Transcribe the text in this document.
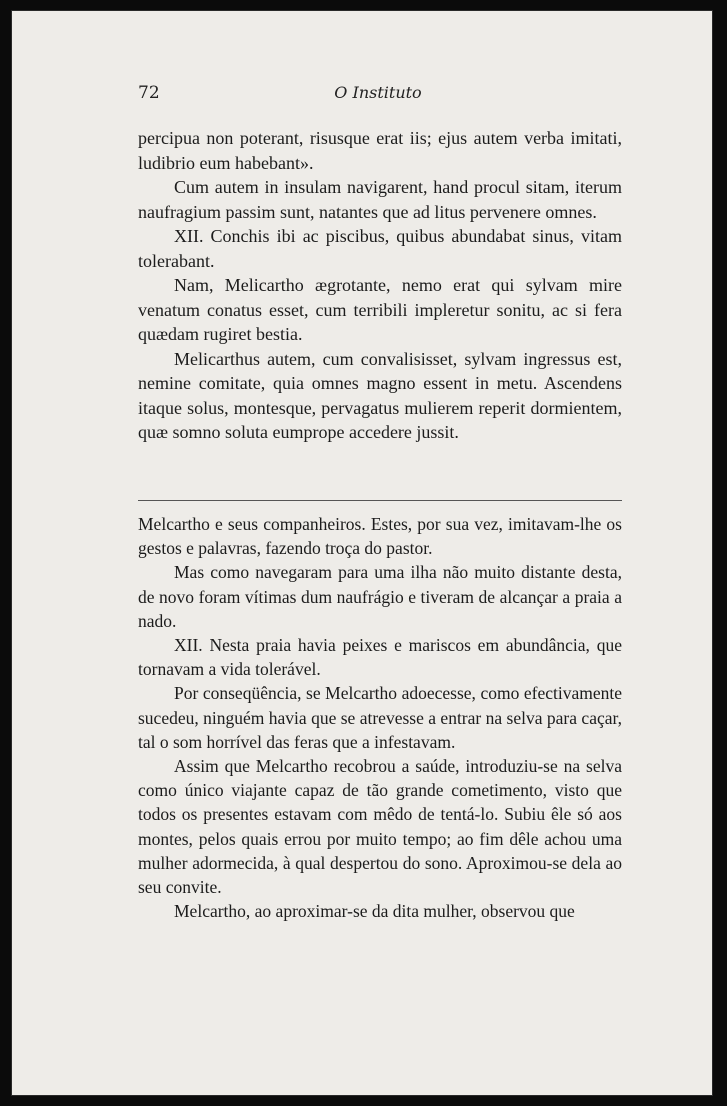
72	O Instituto

percipua non poterant, risusque erat iis; ejus autem verba imitati, ludibrio eum habebant».

Cum autem in insulam navigarent, hand procul sitam, iterum naufragium passim sunt, natantes que ad litus pervenere omnes.

XII. Conchis ibi ac piscibus, quibus abundabat sinus, vitam tolerabant.

Nam, Melicartho ægrotante, nemo erat qui sylvam mire venatum conatus esset, cum terribili impleretur sonitu, ac si fera quædam rugiret bestia.

Melicarthus autem, cum convalisisset, sylvam ingressus est, nemine comitate, quia omnes magno essent in metu. Ascendens itaque solus, montesque, pervagatus mulierem reperit dormientem, quæ somno soluta eumprope accedere jussit.

Melcartho e seus companheiros. Estes, por sua vez, imitavam-lhe os gestos e palavras, fazendo troça do pastor.

Mas como navegaram para uma ilha não muito distante desta, de novo foram vítimas dum naufrágio e tiveram de alcançar a praia a nado.

XII. Nesta praia havia peixes e mariscos em abundância, que tornavam a vida tolerável.

Por conseqüência, se Melcartho adoecesse, como efectivamente sucedeu, ninguém havia que se atrevesse a entrar na selva para caçar, tal o som horrível das feras que a infestavam.

Assim que Melcartho recobrou a saúde, introduziu-se na selva como único viajante capaz de tão grande cometimento, visto que todos os presentes estavam com mêdo de tentá-lo. Subiu êle só aos montes, pelos quais errou por muito tempo; ao fim dêle achou uma mulher adormecida, à qual despertou do sono. Aproximou-se dela ao seu convite.

Melcartho, ao aproximar-se da dita mulher, observou que
